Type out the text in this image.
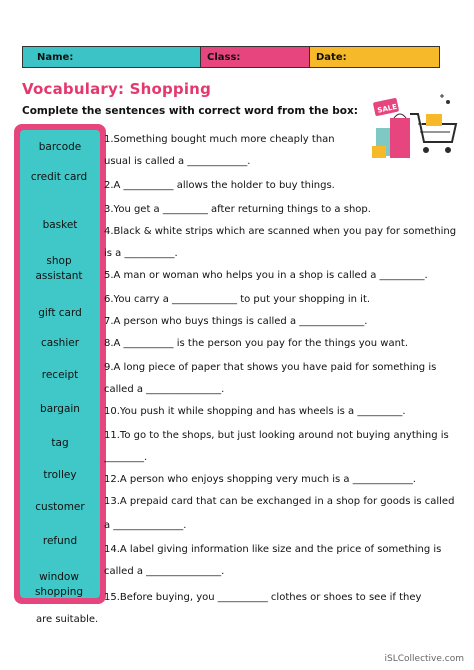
Name:	Class:	Date:
Vocabulary: Shopping
Complete the sentences with correct word from the box:	SALE
barcode
credit card
basket
shop assistant
gift card
cashier
receipt
bargain
tag
trolley
customer
refund
window shopping
1.Something bought much more cheaply than
usual is called a ____________.
2.A __________ allows the holder to buy things.
3.You get a _________ after returning things to a shop.
4.Black & white strips which are scanned when you pay for something
is a __________.
5.A man or woman who helps you in a shop is called a _________.
6.You carry a _____________ to put your shopping in it.
7.A person who buys things is called a _____________.
8.A __________ is the person you pay for the things you want.
9.A long piece of paper that shows you have paid for something is
called a _______________.
10.You push it while shopping and has wheels is a _________.
11.To go to the shops, but just looking around not buying anything is
________.
12.A person who enjoys shopping very much is a ____________.
13.A prepaid card that can be exchanged in a shop for goods is called
a ______________.
14.A label giving information like size and the price of something is
called a _______________.
15.Before buying, you __________ clothes or shoes to see if they
are suitable.
iSLCollective.com
